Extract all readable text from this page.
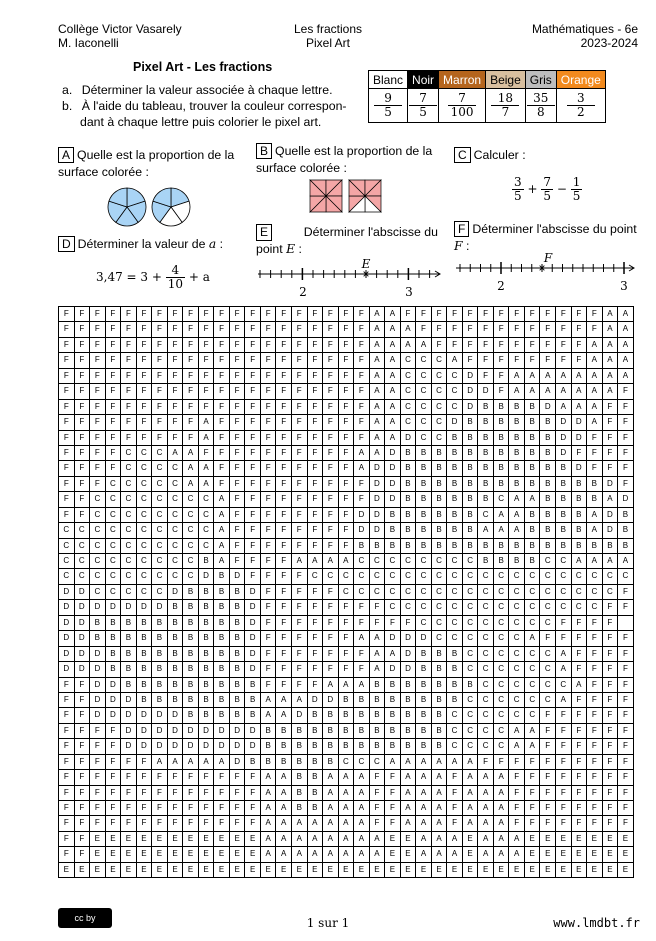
Collège Victor Vasarely
M. Iaconelli
Les fractions
Pixel Art
Mathématiques - 6e
2023-2024
Pixel Art - Les fractions
a. Déterminer la valeur associée à chaque lettre.
b. À l'aide du tableau, trouver la couleur correspon-
dant à chaque lettre puis colorier le pixel art.
Blanc	Noir	Marron	Beige	Gris	Orange

$\frac{9}{5}$	$\frac{7}{5}$	$\frac{7}{100}$	$\frac{18}{7}$	$\frac{35}{8}$	$\frac{3}{2}$
A Quelle est la proportion de la
surface colorée :
B Quelle est la proportion de la
surface colorée :
C Calculer :
$\frac{3}{5} + \frac{7}{5} - \frac{1}{5}$
D Déterminer la valeur de a :
$3,47 = 3 + \frac{4}{10} + a$
E	Déterminer l'abscisse du
point E :
×
E
2	3
F Déterminer l'abscisse du point
F :
×
F
2	3
F	F	F	F	F	F	F	F	F	F	F	F	F	F	F	F	F	F	F	F	A	A	F	F	F	F	F	F	F	F	F	F	F	F	F	A	A
F	F	F	F	F	F	F	F	F	F	F	F	F	F	F	F	F	F	F	F	A	A	A	F	F	F	F	F	F	F	F	F	F	F	F	A	A
F	F	F	F	F	F	F	F	F	F	F	F	F	F	F	F	F	F	F	F	A	A	A	A	F	F	F	F	F	F	F	F	F	F	A	A	A
F	F	F	F	F	F	F	F	F	F	F	F	F	F	F	F	F	F	F	F	A	A	C	C	C	A	F	F	F	F	F	F	F	F	A	A	A
F	F	F	F	F	F	F	F	F	F	F	F	F	F	F	F	F	F	F	F	A	A	C	C	C	C	D	F	F	A	A	A	A	A	A	A	A
F	F	F	F	F	F	F	F	F	F	F	F	F	F	F	F	F	F	F	F	A	A	C	C	C	C	D	D	F	A	A	A	A	A	A	A	F
F	F	F	F	F	F	F	F	F	F	F	F	F	F	F	F	F	F	F	F	A	A	C	C	C	C	D	B	B	B	B	D	A	A	A	F	F
F	F	F	F	F	F	F	F	F	A	F	F	F	F	F	F	F	F	F	F	A	A	C	C	C	D	B	B	B	B	B	B	D	D	A	F	F
F	F	F	F	F	F	F	F	F	A	F	F	F	F	F	F	F	F	F	F	A	A	D	C	C	B	B	B	B	B	B	B	D	D	F	F	F
F	F	F	F	C	C	C	A	A	F	F	F	F	F	F	F	F	F	F	A	A	D	B	B	B	B	B	B	B	B	B	B	D	F	F	F	F
F	F	F	F	C	C	C	C	A	A	F	F	F	F	F	F	F	F	F	A	D	D	B	B	B	B	B	B	B	B	B	B	B	D	F	F	F
F	F	F	C	C	C	C	C	A	A	F	F	F	F	F	F	F	F	F	F	D	D	B	B	B	B	B	B	B	B	B	B	B	B	B	D	F
F	F	C	C	C	C	C	C	C	C	A	F	F	F	F	F	F	F	F	F	D	D	B	B	B	B	B	B	C	A	A	B	B	B	B	A	D
F	F	C	C	C	C	C	C	C	C	A	F	F	F	F	F	F	F	F	D	D	B	B	B	B	B	B	C	A	A	B	B	B	B	A	D	B
C	C	C	C	C	C	C	C	C	C	A	F	F	F	F	F	F	F	F	D	D	B	B	B	B	B	B	A	A	A	B	B	B	B	A	D	B
C	C	C	C	C	C	C	C	C	C	A	F	F	F	F	F	F	F	F	B	B	B	B	B	B	B	B	B	B	B	B	B	B	B	B	B	B
C	C	C	C	C	C	C	C	C	B	A	F	F	F	F	A	A	A	A	C	C	C	C	C	C	C	C	B	B	B	B	C	C	A	A	A	A
C	C	C	C	C	C	C	C	C	D	B	D	F	F	F	F	C	C	C	C	C	C	C	C	C	C	C	C	C	C	C	C	C	C	C	C	C
D	D	C	C	C	C	C	D	B	B	B	B	D	F	F	F	F	F	C	C	C	C	C	C	C	C	C	C	C	C	C	C	C	C	C	C	F
D	D	D	D	D	D	D	B	B	B	B	B	D	F	F	F	F	F	F	F	F	C	C	C	C	C	C	C	C	C	C	C	C	C	C	F	F
D	D	B	B	B	B	B	B	B	B	B	B	D	F	F	F	F	F	F	F	F	F	F	C	C	C	C	C	C	C	C	C	F	F	F	F
D	D	B	B	B	B	B	B	B	B	B	B	D	F	F	F	F	F	F	A	A	D	D	D	C	C	C	C	C	C	A	F	F	F	F	F	F
D	D	D	B	B	B	B	B	B	B	B	B	D	F	F	F	F	F	F	F	A	A	D	B	B	B	C	C	C	C	C	C	A	F	F	F	F
D	D	D	B	B	B	B	B	B	B	B	B	D	F	F	F	F	F	F	F	A	D	D	B	B	B	C	C	C	C	C	C	A	F	F	F	F
F	F	D	D	B	B	B	B	B	B	B	B	B	F	F	F	F	A	A	A	B	B	B	B	B	B	B	C	C	C	C	C	C	A	F	F	F
F	F	D	D	D	B	B	B	B	B	B	B	B	A	A	A	D	D	B	B	B	B	B	B	B	B	C	C	C	C	C	C	A	F	F	F	F
F	F	D	D	D	D	D	D	B	B	B	B	B	A	A	D	B	B	B	B	B	B	B	B	B	C	C	C	C	C	C	F	F	F	F	F	F
F	F	F	F	D	D	D	D	D	D	D	D	D	B	B	B	B	B	B	B	B	B	B	B	B	C	C	C	C	A	A	F	F	F	F	F	F
F	F	F	F	D	D	D	D	D	D	D	D	D	B	B	B	B	B	B	B	B	B	B	B	B	C	C	C	C	A	A	F	F	F	F	F	F
F	F	F	F	F	F	A	A	A	A	A	D	B	B	B	B	B	B	C	C	C	A	A	A	A	A	A	F	F	F	F	F	F	F	F	F	F
F	F	F	F	F	F	F	F	F	F	F	F	F	A	A	B	B	A	A	A	F	F	A	A	A	F	A	A	A	F	F	F	F	F	F	F	F
F	F	F	F	F	F	F	F	F	F	F	F	F	A	A	B	B	A	A	A	F	F	A	A	A	F	A	A	A	F	F	F	F	F	F	F	F
F	F	F	F	F	F	F	F	F	F	F	F	F	A	A	B	B	A	A	A	F	F	A	A	A	F	A	A	A	F	F	F	F	F	F	F	F
F	F	F	F	F	F	F	F	F	F	F	F	F	A	A	A	A	A	A	A	F	F	A	A	A	F	A	A	A	F	F	F	F	F	F	F	F
F	F	E	E	E	E	E	E	E	E	E	E	E	A	A	A	A	A	A	A	A	E	E	A	A	A	E	A	A	A	E	E	E	E	E	E	E
F	F	E	E	E	E	E	E	E	E	E	E	E	A	A	A	A	A	A	A	A	E	E	A	A	A	E	A	A	A	E	E	E	E	E	E	E
E	E	E	E	E	E	E	E	E	E	E	E	E	E	E	E	E	E	E	E	E	E	E	E	E	E	E	E	E	E	E	E	E	E	E	E	E
cc by	1 sur 1	www.lmdbt.fr
